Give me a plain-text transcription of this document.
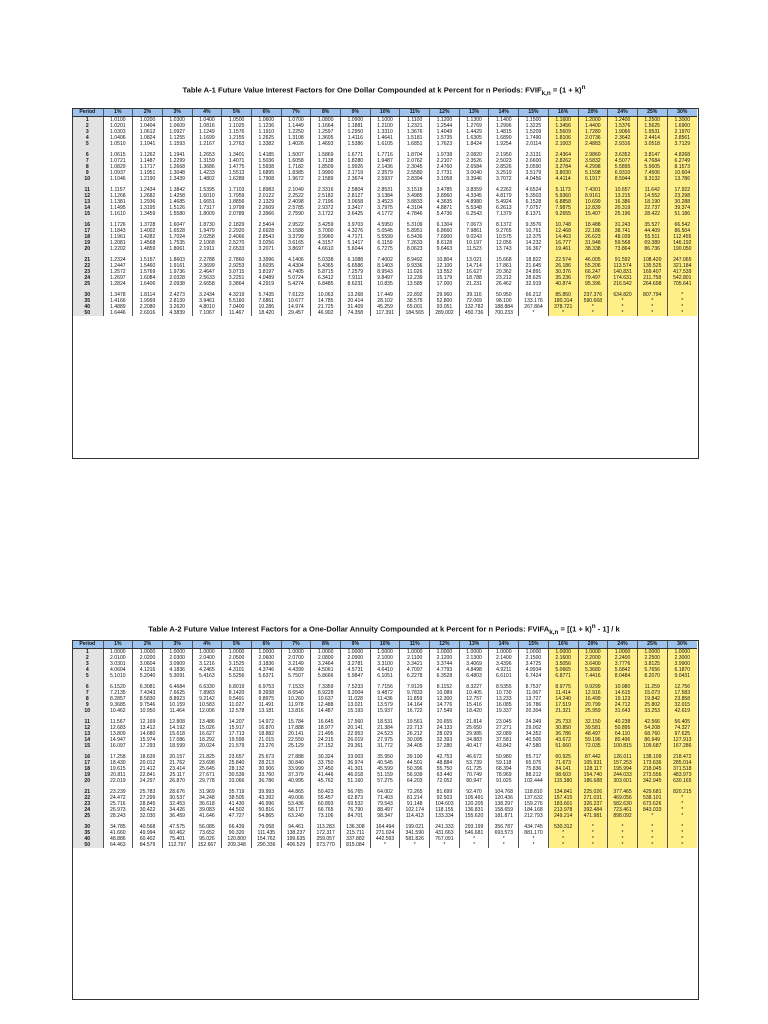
Table A-1 Future Value Interest Factors for One Dollar Compounded at k Percent for n Periods: $FVIF_{k,n} = (1 + k)^n$
Period	1%	2%	3%	4%	5%	6%	7%	8%	9%	10%	11%	12%	13%	14%	15%	16%	20%	24%	25%	30%
1	1.0100	1.0200	1.0300	1.0400	1.0500	1.0600	1.0700	1.0800	1.0900	1.1000	1.1100	1.1200	1.1300	1.1400	1.1500	1.1600	1.2000	1.2400	1.2500	1.3000
2	1.0201	1.0404	1.0609	1.0816	1.1025	1.1236	1.1449	1.1664	1.1881	1.2100	1.2321	1.2544	1.2769	1.2996	1.3225	1.3456	1.4400	1.5376	1.5625	1.6900
3	1.0303	1.0612	1.0927	1.1249	1.1576	1.1910	1.2250	1.2597	1.2950	1.3310	1.3676	1.4049	1.4429	1.4815	1.5209	1.5609	1.7280	1.9066	1.9531	2.1970
4	1.0406	1.0824	1.1255	1.1699	1.2155	1.2625	1.3108	1.3605	1.4116	1.4641	1.5181	1.5735	1.6305	1.6890	1.7490	1.8106	2.0736	2.3642	2.4414	2.8561
5	1.0510	1.1041	1.1593	1.2167	1.2763	1.3382	1.4026	1.4693	1.5386	1.6105	1.6851	1.7623	1.8424	1.9254	2.0114	2.1003	2.4883	2.9316	3.0518	3.7129
6	1.0615	1.1262	1.1941	1.2653	1.3401	1.4185	1.5007	1.5869	1.6771	1.7716	1.8704	1.9738	2.0820	2.1950	2.3131	2.4364	2.9860	3.6352	3.8147	4.8268
7	1.0721	1.1487	1.2299	1.3159	1.4071	1.5036	1.6058	1.7138	1.8280	1.9487	2.0762	2.2107	2.3526	2.5023	2.6600	2.8262	3.5832	4.5077	4.7684	6.2749
8	1.0829	1.1717	1.2668	1.3686	1.4775	1.5938	1.7182	1.8509	1.9926	2.1436	2.3045	2.4760	2.6584	2.8526	3.0590	3.2784	4.2998	5.5895	5.9605	8.1573
9	1.0937	1.1951	1.3048	1.4233	1.5513	1.6895	1.8385	1.9990	2.1719	2.3579	2.5580	2.7731	3.0040	3.2519	3.5179	3.8030	5.1598	6.9310	7.4506	10.604
10	1.1046	1.2190	1.3439	1.4802	1.6289	1.7908	1.9672	2.1589	2.3674	2.5937	2.8394	3.1058	3.3946	3.7072	4.0456	4.4114	6.1917	8.5944	9.3132	13.786
11	1.1157	1.2434	1.3842	1.5395	1.7103	1.8983	2.1049	2.3316	2.5804	2.8531	3.1518	3.4785	3.8359	4.2262	4.6524	5.1173	7.4301	10.657	11.642	17.922
12	1.1268	1.2682	1.4258	1.6010	1.7959	2.0122	2.2522	2.5182	2.8127	3.1384	3.4985	3.8960	4.3345	4.8179	5.3503	5.9360	8.9161	13.215	14.552	23.298
13	1.1381	1.2936	1.4685	1.6651	1.8856	2.1329	2.4098	2.7196	3.0658	3.4523	3.8833	4.3635	4.8980	5.4924	6.1528	6.8858	10.699	16.386	18.190	30.288
14	1.1495	1.3195	1.5126	1.7317	1.9799	2.2609	2.5785	2.9372	3.3417	3.7975	4.3104	4.8871	5.5348	6.2613	7.0757	7.9875	12.839	20.319	22.737	39.374
15	1.1610	1.3459	1.5580	1.8009	2.0789	2.3966	2.7590	3.1722	3.6425	4.1772	4.7846	5.4736	6.2543	7.1379	8.1371	9.2655	15.407	25.196	28.422	51.186
16	1.1726	1.3728	1.6047	1.8730	2.1829	2.5404	2.9522	3.4259	3.9703	4.5950	5.3109	6.1304	7.0673	8.1372	9.3576	10.748	18.488	31.243	35.527	66.542
17	1.1843	1.4002	1.6528	1.9479	2.2920	2.6928	3.1588	3.7000	4.3276	5.0545	5.8951	6.8660	7.9861	9.2765	10.761	12.468	22.186	38.741	44.409	86.504
18	1.1961	1.4282	1.7024	2.0258	2.4066	2.8543	3.3799	3.9960	4.7171	5.5599	6.5436	7.6900	9.0243	10.575	12.375	14.463	26.623	48.039	55.511	112.455
19	1.2081	1.4568	1.7535	2.1068	2.5270	3.0256	3.6165	4.3157	5.1417	6.1159	7.2633	8.6128	10.197	12.056	14.232	16.777	31.948	59.568	69.389	146.192
20	1.2202	1.4859	1.8061	2.1911	2.6533	3.2071	3.8697	4.6610	5.6044	6.7275	8.0623	9.6463	11.523	13.743	16.367	19.461	38.338	73.864	86.736	190.050
21	1.2324	1.5157	1.8603	2.2788	2.7860	3.3996	4.1406	5.0338	6.1088	7.4002	8.9492	10.804	13.021	15.668	18.822	22.574	46.005	91.592	108.420	247.065
22	1.2447	1.5460	1.9161	2.3699	2.9253	3.6035	4.4304	5.4365	6.6586	8.1403	9.9336	12.100	14.714	17.861	21.645	26.186	55.206	113.574	135.525	321.184
23	1.2572	1.5769	1.9736	2.4647	3.0715	3.8197	4.7405	5.8715	7.2579	8.9543	11.026	13.552	16.627	20.362	24.891	30.376	66.247	140.831	169.407	417.539
24	1.2697	1.6084	2.0328	2.5633	3.2251	4.0489	5.0724	6.3412	7.9111	9.8497	12.239	15.179	18.788	23.212	28.625	35.236	79.497	174.631	211.758	542.801
25	1.2824	1.6406	2.0938	2.6658	3.3864	4.2919	5.4274	6.8485	8.6231	10.835	13.585	17.000	21.231	26.462	32.919	40.874	95.396	216.542	264.698	705.641
30	1.3478	1.8114	2.4273	3.2434	4.3219	5.7435	7.6123	10.063	13.268	17.449	22.892	29.960	39.116	50.950	66.212	85.850	237.376	634.820	807.794	*
35	1.4166	1.9999	2.8139	3.9461	5.5160	7.6861	10.677	14.785	20.414	28.102	38.575	52.800	72.069	98.100	133.176	180.314	590.668	*	*	*
40	1.4889	2.2080	3.2620	4.8010	7.0400	10.286	14.974	21.725	31.409	45.259	65.001	93.051	132.782	188.884	267.864	378.721	*	*	*	*
50	1.6446	2.6916	4.3839	7.1067	11.467	18.420	29.457	46.902	74.358	117.391	184.565	289.002	450.736	700.233	*	*	*	*	*	*
Table A-2 Future Value Interest Factors for a One-Dollar Annuity Compounded at k Percent for n Periods: $FVIFA_{k,n} = [(1 + k)^n - 1] / k$
Period	1%	2%	3%	4%	5%	6%	7%	8%	9%	10%	11%	12%	13%	14%	15%	16%	20%	24%	25%	30%
1	1.0000	1.0000	1.0000	1.0000	1.0000	1.0000	1.0000	1.0000	1.0000	1.0000	1.0000	1.0000	1.0000	1.0000	1.0000	1.0000	1.0000	1.0000	1.0000	1.0000
2	2.0100	2.0200	2.0300	2.0400	2.0500	2.0600	2.0700	2.0800	2.0900	2.1000	2.1100	2.1200	2.1300	2.1400	2.1500	2.1600	2.2000	2.2400	2.2500	2.3000
3	3.0301	3.0604	3.0909	3.1216	3.1525	3.1836	3.2149	3.2464	3.2781	3.3100	3.3421	3.3744	3.4069	3.4396	3.4725	3.5056	3.6400	3.7776	3.8125	3.9900
4	4.0604	4.1216	4.1836	4.2465	4.3101	4.3746	4.4399	4.5061	4.5731	4.6410	4.7097	4.7793	4.8498	4.9211	4.9934	5.0665	5.3680	5.6842	5.7656	6.1870
5	5.1010	5.2040	5.3091	5.4163	5.5256	5.6371	5.7507	5.8666	5.9847	6.1051	6.2278	6.3528	6.4803	6.6101	6.7424	6.8771	7.4416	8.0484	8.2070	9.0431
6	6.1520	6.3081	6.4684	6.6330	6.8019	6.9753	7.1533	7.3359	7.5233	7.7156	7.9129	8.1152	8.3227	8.5355	8.7537	8.9775	9.9299	10.980	11.259	12.756
7	7.2135	7.4343	7.6625	7.8983	8.1420	8.3938	8.6540	8.9228	9.2004	9.4872	9.7833	10.089	10.405	10.730	11.067	11.414	12.916	14.615	15.073	17.583
8	8.2857	8.5830	8.8923	9.2142	9.5491	9.8975	10.260	10.637	11.028	11.436	11.859	12.300	12.757	13.233	13.727	14.240	16.499	19.123	19.842	23.858
9	9.3685	9.7546	10.159	10.583	11.027	11.491	11.978	12.488	13.021	13.579	14.164	14.776	15.416	16.085	16.786	17.519	20.799	24.712	25.802	32.015
10	10.462	10.950	11.464	12.006	12.578	13.181	13.816	14.487	15.193	15.937	16.722	17.549	18.420	19.337	20.304	21.321	25.959	31.643	33.253	42.619
11	11.567	12.169	12.808	13.486	14.207	14.972	15.784	16.645	17.560	18.531	19.561	20.655	21.814	23.045	24.349	25.733	32.150	40.238	42.566	56.405
12	12.683	13.412	14.192	15.026	15.917	16.870	17.888	18.977	20.141	21.384	22.713	24.133	25.650	27.271	29.002	30.850	39.581	50.895	54.208	74.327
13	13.809	14.680	15.618	16.627	17.713	18.882	20.141	21.495	22.953	24.523	26.212	28.029	29.985	32.089	34.352	36.786	48.497	64.110	68.760	97.625
14	14.947	15.974	17.086	18.292	19.599	21.015	22.550	24.215	26.019	27.975	30.095	32.393	34.883	37.581	40.505	43.672	59.196	80.496	86.949	127.913
15	16.097	17.293	18.599	20.024	21.579	23.276	25.129	27.152	29.361	31.772	34.405	37.280	40.417	43.842	47.580	51.660	72.035	100.815	109.687	167.286
16	17.258	18.639	20.157	21.825	23.657	25.673	27.888	30.324	33.003	35.950	39.190	42.753	46.672	50.980	55.717	60.925	87.442	126.011	138.109	218.472
17	18.430	20.012	21.762	23.698	25.840	28.213	30.840	33.750	36.974	40.545	44.501	48.884	53.739	59.118	65.075	71.673	105.931	157.253	173.636	285.014
18	19.615	21.412	23.414	25.645	28.132	30.906	33.999	37.450	41.301	45.599	50.396	55.750	61.725	68.394	75.836	84.141	128.117	195.994	218.045	371.518
19	20.811	22.841	25.117	27.671	30.539	33.760	37.379	41.446	46.018	51.159	56.939	63.440	70.749	78.969	88.212	98.603	154.740	244.033	273.556	483.973
20	22.019	24.297	26.870	29.778	33.066	36.786	40.995	45.762	51.160	57.275	64.203	72.052	80.947	91.025	102.444	115.380	186.688	303.601	342.945	630.165
21	23.239	25.783	28.676	31.969	35.719	39.993	44.865	50.423	56.765	64.002	72.265	81.699	92.470	104.768	118.810	134.841	225.026	377.465	429.681	820.215
22	24.472	27.299	30.537	34.248	38.505	43.392	49.006	55.457	62.873	71.403	81.214	92.503	105.491	120.436	137.632	157.415	271.031	469.056	538.101	*
23	25.716	28.845	32.453	36.618	41.430	46.996	53.436	60.893	69.532	79.543	91.148	104.603	120.205	138.297	159.276	183.601	326.237	582.630	673.626	*
24	26.973	30.422	34.426	39.083	44.502	50.816	58.177	66.765	76.790	88.497	102.174	118.155	136.831	158.659	184.168	213.978	392.484	723.461	843.033	*
25	28.243	32.030	36.459	41.646	47.727	54.865	63.249	73.106	84.701	98.347	114.413	133.334	155.620	181.871	212.793	249.214	471.981	898.092	*	*
30	34.785	40.568	47.575	56.085	66.439	79.058	94.461	113.283	136.308	164.494	199.021	241.333	293.199	356.787	434.745	530.312	*	*	*	*
35	41.660	49.994	60.462	73.652	90.320	111.435	138.237	172.317	215.711	271.024	341.590	431.663	546.681	693.573	881.170	*	*	*	*	*
40	48.886	60.402	75.401	95.026	120.800	154.762	199.635	259.057	337.882	442.593	581.826	767.091	*	*	*	*	*	*	*	*
50	64.463	84.579	112.797	152.667	209.348	290.336	406.529	573.770	815.084	*	*	*	*	*	*	*	*	*	*	*
